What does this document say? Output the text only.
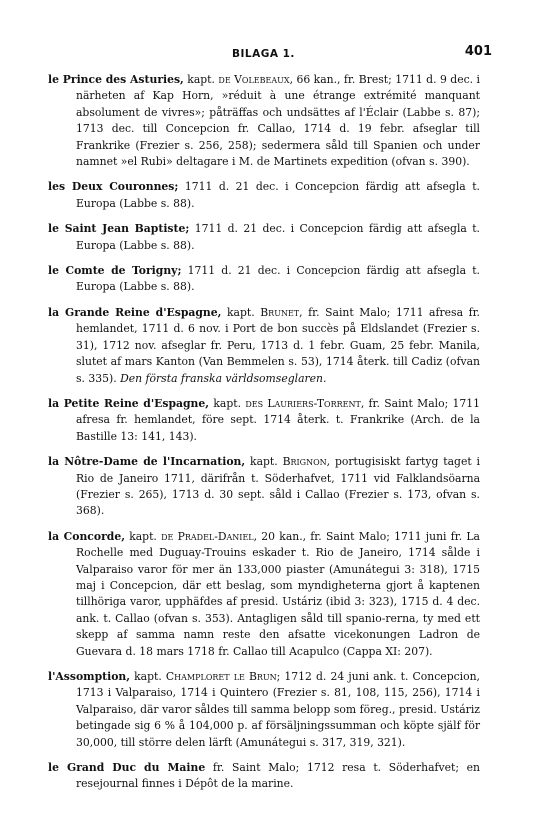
BILAGA 1.	401

le Prince des Asturies, kapt. de Volebeaux, 66 kan., fr. Brest; 1711 d. 9 dec. i närheten af Kap Horn, »réduit à une étrange extrémité manquant absolument de vivres»; påträffas och undsättes af l'Éclair (Labbe s. 87); 1713 dec. till Concepcion fr. Callao, 1714 d. 19 febr. afseglar till Frankrike (Frezier s. 256, 258); sedermera såld till Spanien och under namnet »el Rubi» deltagare i M. de Martinets expedition (ofvan s. 390).

les Deux Couronnes; 1711 d. 21 dec. i Concepcion färdig att afsegla t. Europa (Labbe s. 88).

le Saint Jean Baptiste; 1711 d. 21 dec. i Concepcion färdig att afsegla t. Europa (Labbe s. 88).

le Comte de Torigny; 1711 d. 21 dec. i Concepcion färdig att afsegla t. Europa (Labbe s. 88).

la Grande Reine d'Espagne, kapt. Brunet, fr. Saint Malo; 1711 afresa fr. hemlandet, 1711 d. 6 nov. i Port de bon succès på Eldslandet (Frezier s. 31), 1712 nov. afseglar fr. Peru, 1713 d. 1 febr. Guam, 25 febr. Manila, slutet af mars Kanton (Van Bemmelen s. 53), 1714 återk. till Cadiz (ofvan s. 335). Den första franska världsomseglaren.

la Petite Reine d'Espagne, kapt. des Lauriers-Torrent, fr. Saint Malo; 1711 afresa fr. hemlandet, före sept. 1714 återk. t. Frankrike (Arch. de la Bastille 13: 141, 143).

la Nôtre-Dame de l'Incarnation, kapt. Brignon, portugisiskt fartyg taget i Rio de Janeiro 1711, därifrån t. Söderhafvet, 1711 vid Falklandsöarna (Frezier s. 265), 1713 d. 30 sept. såld i Callao (Frezier s. 173, ofvan s. 368).

la Concorde, kapt. de Pradel-Daniel, 20 kan., fr. Saint Malo; 1711 juni fr. La Rochelle med Duguay-Trouins eskader t. Rio de Janeiro, 1714 sålde i Valparaiso varor för mer än 133,000 piaster (Amunátegui 3: 318), 1715 maj i Concepcion, där ett beslag, som myndigheterna gjort å kaptenen tillhöriga varor, upphäfdes af presid. Ustáriz (ibid 3: 323), 1715 d. 4 dec. ank. t. Callao (ofvan s. 353). Antagligen såld till spanio-rerna, ty med ett skepp af samma namn reste den afsatte vicekonungen Ladron de Guevara d. 18 mars 1718 fr. Callao till Acapulco (Cappa XI: 207).

l'Assomption, kapt. Champloret le Brun; 1712 d. 24 juni ank. t. Concepcion, 1713 i Valparaiso, 1714 i Quintero (Frezier s. 81, 108, 115, 256), 1714 i Valparaiso, där varor såldes till samma belopp som föreg., presid. Ustáriz betingade sig 6 % å 104,000 p. af försäljningssumman och köpte själf för 30,000, till större delen lärft (Amunátegui s. 317, 319, 321).

le Grand Duc du Maine fr. Saint Malo; 1712 resa t. Söderhafvet; en resejournal finnes i Dépôt de la marine.
